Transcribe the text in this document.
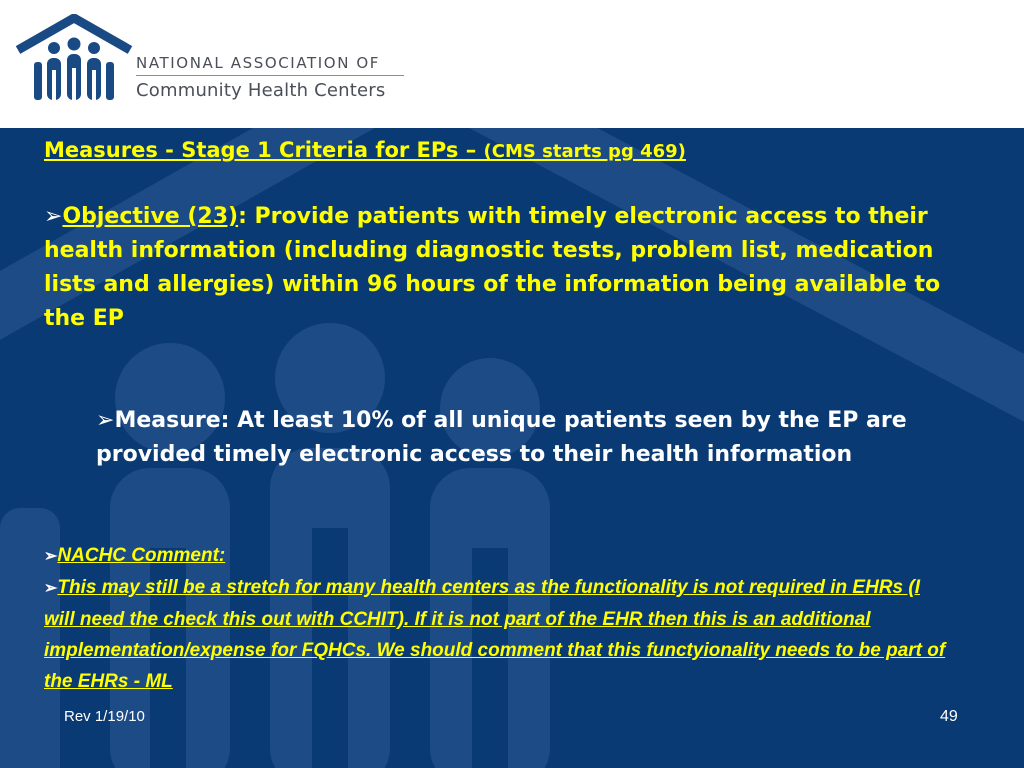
NATIONAL ASSOCIATION OF
Community Health Centers
Measures - Stage 1 Criteria for EPs – (CMS starts pg 469)
➢Objective (23): Provide patients with timely electronic access to their health information (including diagnostic tests, problem list, medication lists and allergies) within 96 hours of the information being available to the EP
➢Measure: At least 10% of all unique patients seen by the EP are provided timely electronic access to their health information
➢NACHC Comment:
➢This may still be a stretch for many health centers as the functionality is not required in EHRs (I will need the check this out with CCHIT). If it is not part of the EHR then this is an additional implementation/expense for FQHCs. We should comment that this functyionality needs to be part of the EHRs - ML
Rev 1/19/10	49
